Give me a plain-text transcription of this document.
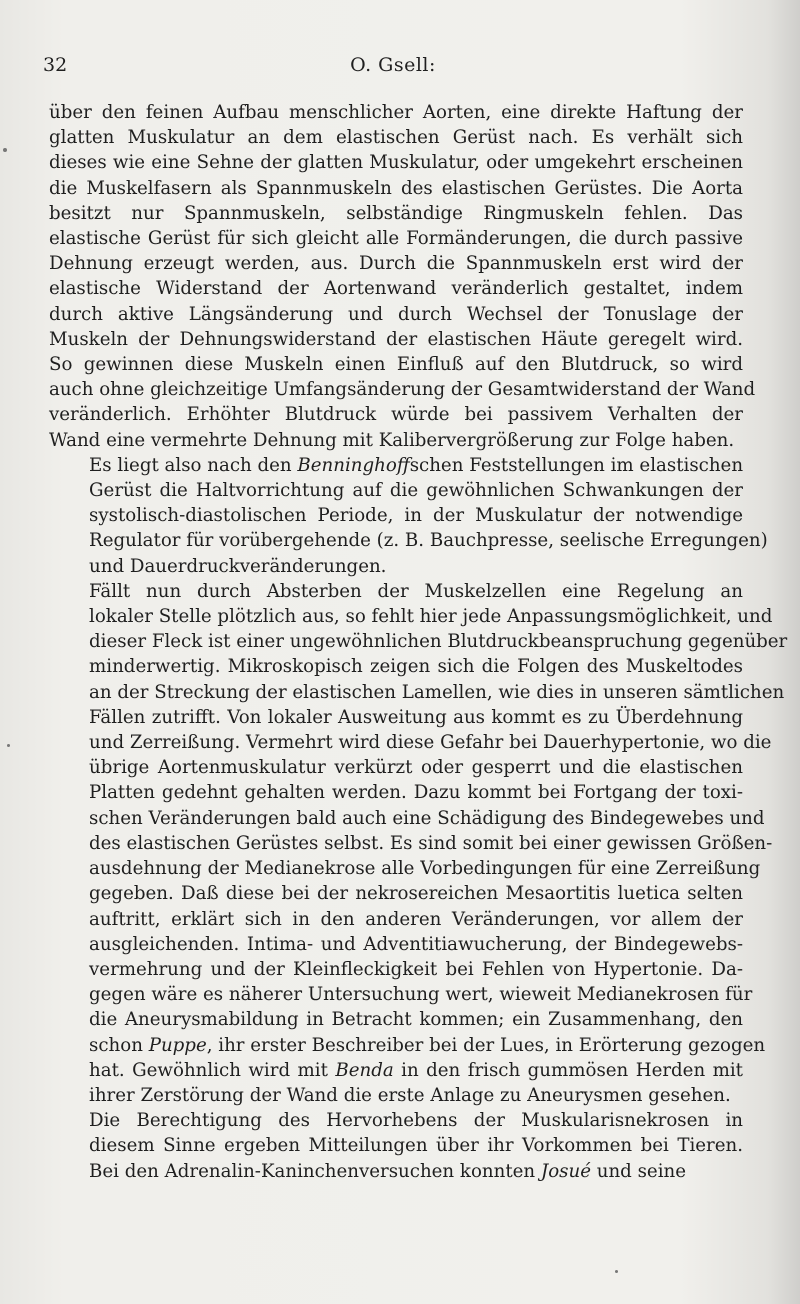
32	O. Gsell:

über den feinen Aufbau menschlicher Aorten, eine direkte Haftung der
glatten Muskulatur an dem elastischen Gerüst nach. Es verhält sich
dieses wie eine Sehne der glatten Muskulatur, oder umgekehrt erscheinen
die Muskelfasern als Spannmuskeln des elastischen Gerüstes. Die Aorta
besitzt nur Spannmuskeln, selbständige Ringmuskeln fehlen. Das
elastische Gerüst für sich gleicht alle Formänderungen, die durch passive
Dehnung erzeugt werden, aus. Durch die Spannmuskeln erst wird der
elastische Widerstand der Aortenwand veränderlich gestaltet, indem
durch aktive Längsänderung und durch Wechsel der Tonuslage der
Muskeln der Dehnungswiderstand der elastischen Häute geregelt wird.
So gewinnen diese Muskeln einen Einfluß auf den Blutdruck, so wird
auch ohne gleichzeitige Umfangsänderung der Gesamtwiderstand der Wand
veränderlich. Erhöhter Blutdruck würde bei passivem Verhalten der
Wand eine vermehrte Dehnung mit Kalibervergrößerung zur Folge haben.

Es liegt also nach den Benninghoffschen Feststellungen im elastischen
Gerüst die Haltvorrichtung auf die gewöhnlichen Schwankungen der
systolisch-diastolischen Periode, in der Muskulatur der notwendige
Regulator für vorübergehende (z. B. Bauchpresse, seelische Erregungen)
und Dauerdruckveränderungen.

Fällt nun durch Absterben der Muskelzellen eine Regelung an
lokaler Stelle plötzlich aus, so fehlt hier jede Anpassungsmöglichkeit, und
dieser Fleck ist einer ungewöhnlichen Blutdruckbeanspruchung gegenüber
minderwertig. Mikroskopisch zeigen sich die Folgen des Muskeltodes
an der Streckung der elastischen Lamellen, wie dies in unseren sämtlichen
Fällen zutrifft. Von lokaler Ausweitung aus kommt es zu Überdehnung
und Zerreißung. Vermehrt wird diese Gefahr bei Dauerhypertonie, wo die
übrige Aortenmuskulatur verkürzt oder gesperrt und die elastischen
Platten gedehnt gehalten werden. Dazu kommt bei Fortgang der toxi-
schen Veränderungen bald auch eine Schädigung des Bindegewebes und
des elastischen Gerüstes selbst. Es sind somit bei einer gewissen Größen-
ausdehnung der Medianekrose alle Vorbedingungen für eine Zerreißung
gegeben. Daß diese bei der nekrosereichen Mesaortitis luetica selten
auftritt, erklärt sich in den anderen Veränderungen, vor allem der
ausgleichenden. Intima- und Adventitiawucherung, der Bindegewebs-
vermehrung und der Kleinfleckigkeit bei Fehlen von Hypertonie. Da-
gegen wäre es näherer Untersuchung wert, wieweit Medianekrosen für
die Aneurysmabildung in Betracht kommen; ein Zusammenhang, den
schon Puppe, ihr erster Beschreiber bei der Lues, in Erörterung gezogen
hat. Gewöhnlich wird mit Benda in den frisch gummösen Herden mit
ihrer Zerstörung der Wand die erste Anlage zu Aneurysmen gesehen.

Die Berechtigung des Hervorhebens der Muskularisnekrosen in
diesem Sinne ergeben Mitteilungen über ihr Vorkommen bei Tieren.
Bei den Adrenalin-Kaninchenversuchen konnten Josué und seine
